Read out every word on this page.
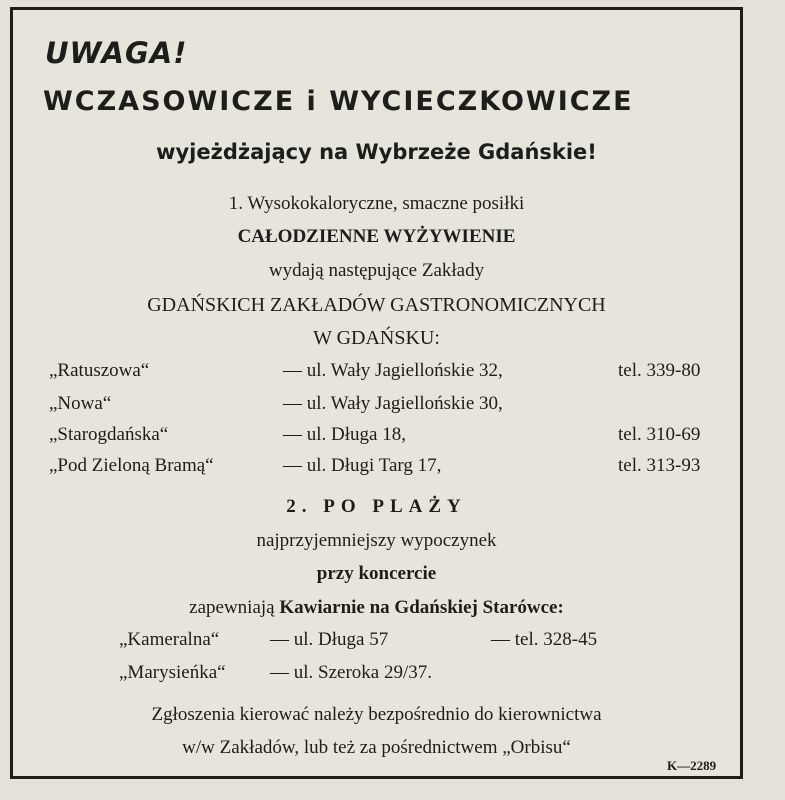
UWAGA!
WCZASOWICZE i WYCIECZKOWICZE
wyjeżdżający na Wybrzeże Gdańskie!
1. Wysokokaloryczne, smaczne posiłki
CAŁODZIENNE WYŻYWIENIE
wydają następujące Zakłady
GDAŃSKICH ZAKŁADÓW GASTRONOMICZNYCH
W GDAŃSKU:
„Ratuszowa“	— ul. Wały Jagiellońskie 32,	tel. 339-80
„Nowa“	— ul. Wały Jagiellońskie 30,
„Starogdańska“	— ul. Długa 18,	tel. 310-69
„Pod Zieloną Bramą“	— ul. Długi Targ 17,	tel. 313-93
2. PO PLAŻY
najprzyjemniejszy wypoczynek
przy koncercie
zapewniają Kawiarnie na Gdańskiej Starówce:
„Kameralna“	— ul. Długa 57	— tel. 328-45
„Marysieńka“ — ul. Szeroka 29/37.
Zgłoszenia kierować należy bezpośrednio do kierownictwa
w/w Zakładów, lub też za pośrednictwem „Orbisu“
K—2289
